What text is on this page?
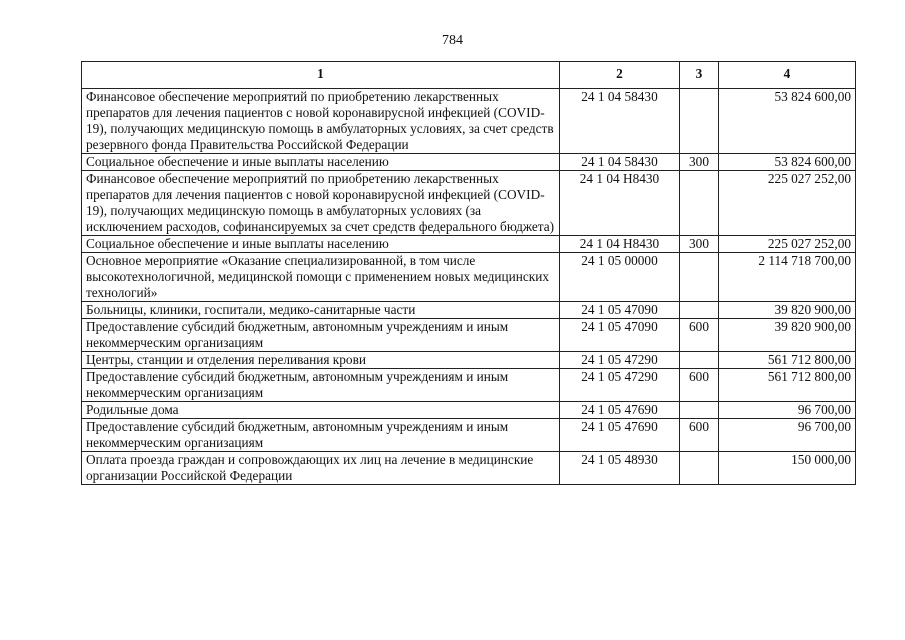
784
1	2	3	4
Финансовое обеспечение мероприятий по приобретению лекарственных препаратов для лечения пациентов с новой коронавирусной инфекцией (COVID-19), получающих медицинскую помощь в амбулаторных условиях, за счет средств резервного фонда Правительства Российской Федерации	24 1 04 58430		53 824 600,00
Социальное обеспечение и иные выплаты населению	24 1 04 58430	300	53 824 600,00
Финансовое обеспечение мероприятий по приобретению лекарственных препаратов для лечения пациентов с новой коронавирусной инфекцией (COVID-19), получающих медицинскую помощь в амбулаторных условиях (за исключением расходов, софинансируемых за счет средств федерального бюджета)	24 1 04 Н8430		225 027 252,00
Социальное обеспечение и иные выплаты населению	24 1 04 Н8430	300	225 027 252,00
Основное мероприятие «Оказание специализированной, в том числе высокотехнологичной, медицинской помощи с применением новых медицинских технологий»	24 1 05 00000		2 114 718 700,00
Больницы, клиники, госпитали, медико-санитарные части	24 1 05 47090		39 820 900,00
Предоставление субсидий бюджетным, автономным учреждениям и иным некоммерческим организациям	24 1 05 47090	600	39 820 900,00
Центры, станции и отделения переливания крови	24 1 05 47290		561 712 800,00
Предоставление субсидий бюджетным, автономным учреждениям и иным некоммерческим организациям	24 1 05 47290	600	561 712 800,00
Родильные дома	24 1 05 47690		96 700,00
Предоставление субсидий бюджетным, автономным учреждениям и иным некоммерческим организациям	24 1 05 47690	600	96 700,00
Оплата проезда граждан и сопровождающих их лиц на лечение в медицинские организации Российской Федерации	24 1 05 48930		150 000,00
